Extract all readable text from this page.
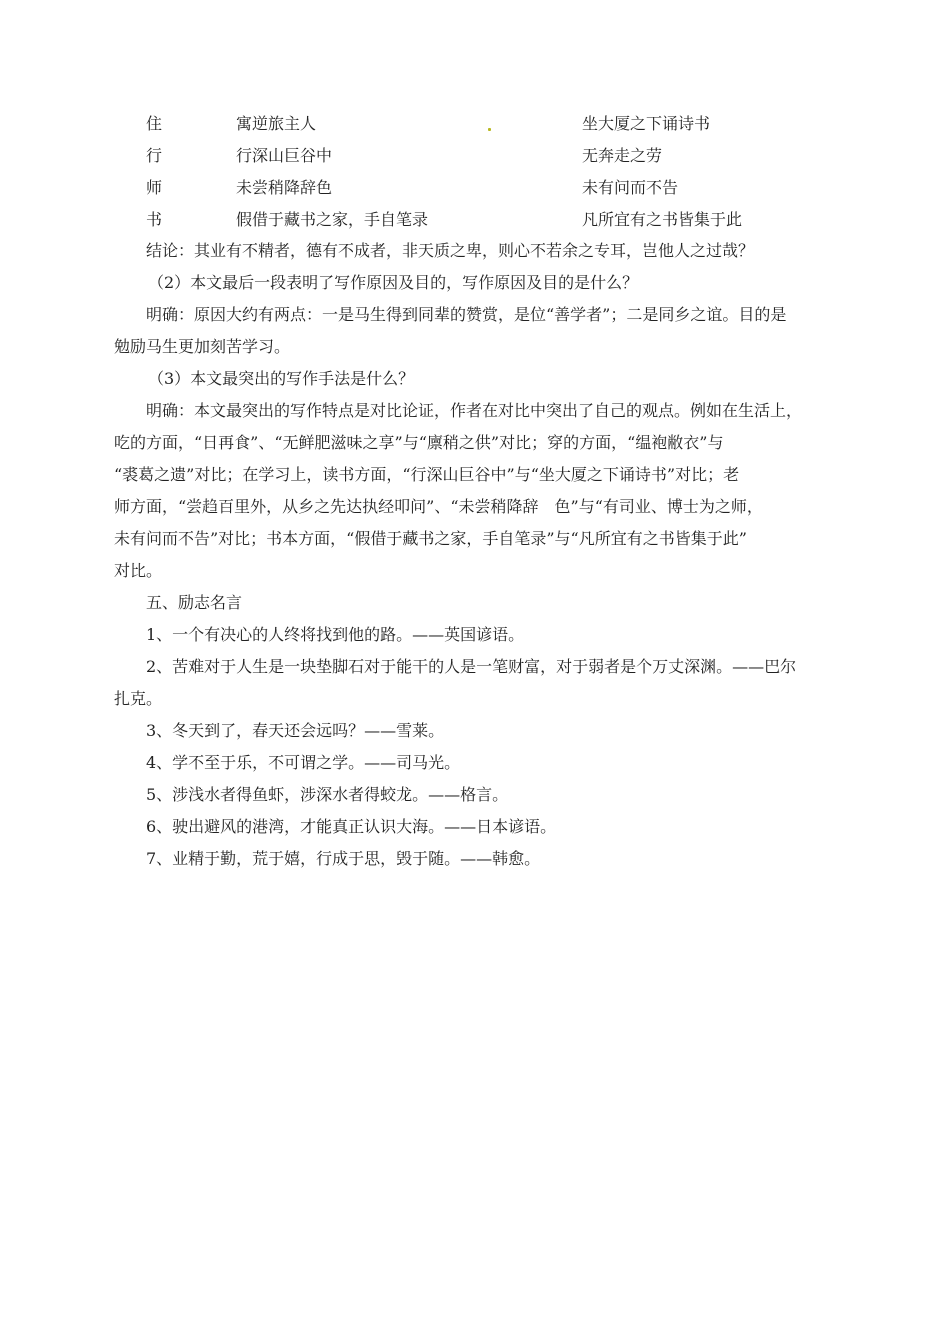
住	寓逆旅主人	坐大厦之下诵诗书
行	行深山巨谷中	无奔走之劳
师	未尝稍降辞色	未有问而不告
书	假借于藏书之家，手自笔录	凡所宜有之书皆集于此
结论：其业有不精者，德有不成者，非天质之卑，则心不若余之专耳，岂他人之过哉？
（2）本文最后一段表明了写作原因及目的，写作原因及目的是什么？
明确：原因大约有两点：一是马生得到同辈的赞赏，是位“善学者”；二是同乡之谊。目的是
勉励马生更加刻苦学习。
（3）本文最突出的写作手法是什么？
明确：本文最突出的写作特点是对比论证，作者在对比中突出了自己的观点。例如在生活上，
吃的方面，“日再食”、“无鲜肥滋味之享”与“廪稍之供”对比；穿的方面，“缊袍敝衣”与
“裘葛之遗”对比；在学习上，读书方面，“行深山巨谷中”与“坐大厦之下诵诗书”对比；老
师方面，“尝趋百里外，从乡之先达执经叩问”、“未尝稍降辞　色”与“有司业、博士为之师，
未有问而不告”对比；书本方面，“假借于藏书之家，手自笔录”与“凡所宜有之书皆集于此”
对比。
五、励志名言
1、一个有决心的人终将找到他的路。——英国谚语。
2、苦难对于人生是一块垫脚石对于能干的人是一笔财富，对于弱者是个万丈深渊。——巴尔
扎克。
3、冬天到了，春天还会远吗？——雪莱。
4、学不至于乐，不可谓之学。——司马光。
5、涉浅水者得鱼虾，涉深水者得蛟龙。——格言。
6、驶出避风的港湾，才能真正认识大海。——日本谚语。
7、业精于勤，荒于嬉，行成于思，毁于随。——韩愈。
